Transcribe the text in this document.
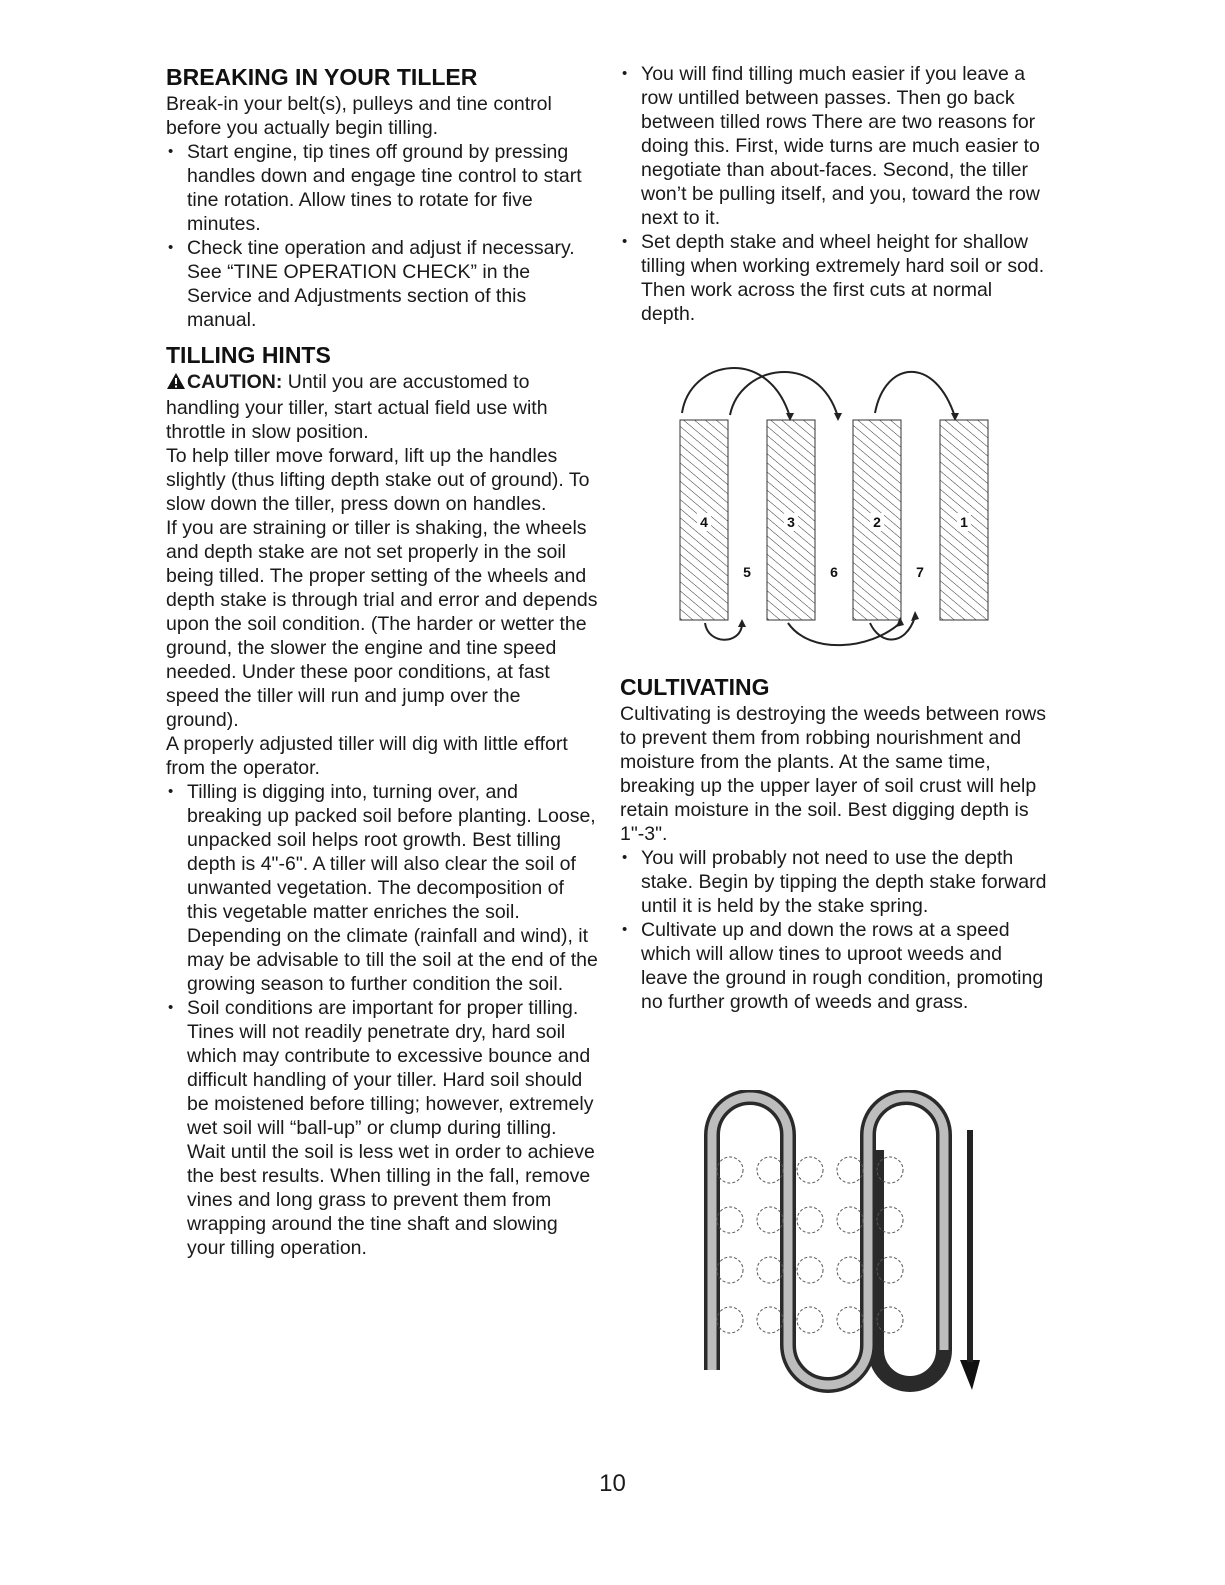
BREAKING IN YOUR TILLER

Break-in your belt(s), pulleys and tine control before you actually begin tilling.

• Start engine, tip tines off ground by pressing handles down and engage tine control to start tine rotation. Allow tines to rotate for five minutes.
• Check tine operation and adjust if necessary. See “TINE OPERATION CHECK” in the Service and Adjustments section of this manual.
TILLING HINTS

CAUTION: Until you are accustomed to handling your tiller, start actual field use with throttle in slow position.

To help tiller move forward, lift up the handles slightly (thus lifting depth stake out of ground). To slow down the tiller, press down on handles.

If you are straining or tiller is shaking, the wheels and depth stake are not set properly in the soil being tilled. The proper setting of the wheels and depth stake is through trial and error and depends upon the soil condition. (The harder or wetter the ground, the slower the engine and tine speed needed. Under these poor conditions, at fast speed the tiller will run and jump over the ground).

A properly adjusted tiller will dig with little effort from the operator.

• Tilling is digging into, turning over, and breaking up packed soil before planting. Loose, unpacked soil helps root growth. Best tilling depth is 4"-6". A tiller will also clear the soil of unwanted vegetation. The decomposition of this vegetable matter enriches the soil. Depending on the climate (rainfall and wind), it may be advisable to till the soil at the end of the growing season to further condition the soil.
• Soil conditions are important for proper tilling. Tines will not readily penetrate dry, hard soil which may contribute to excessive bounce and difficult handling of your tiller. Hard soil should be moistened before tilling; however, extremely wet soil will “ball-up” or clump during tilling. Wait until the soil is less wet in order to achieve the best results. When tilling in the fall, remove vines and long grass to prevent them from wrapping around the tine shaft and slowing your tilling operation.
• You will find tilling much easier if you leave a row untilled between passes. Then go back between tilled rows There are two reasons for doing this. First, wide turns are much easier to negotiate than about-faces. Second, the tiller won’t be pulling itself, and you, toward the row next to it.
• Set depth stake and wheel height for shallow tilling when working extremely hard soil or sod. Then work across the first cuts at normal depth.
4	3	2	1
5	6	7
CULTIVATING

Cultivating is destroying the weeds between rows to prevent them from robbing nourishment and moisture from the plants. At the same time, breaking up the upper layer of soil crust will help retain moisture in the soil. Best digging depth is 1"-3".

• You will probably not need to use the depth stake. Begin by tipping the depth stake forward until it is held by the stake spring.
• Cultivate up and down the rows at a speed which will allow tines to uproot weeds and leave the ground in rough condition, promoting no further growth of weeds and grass.
10
